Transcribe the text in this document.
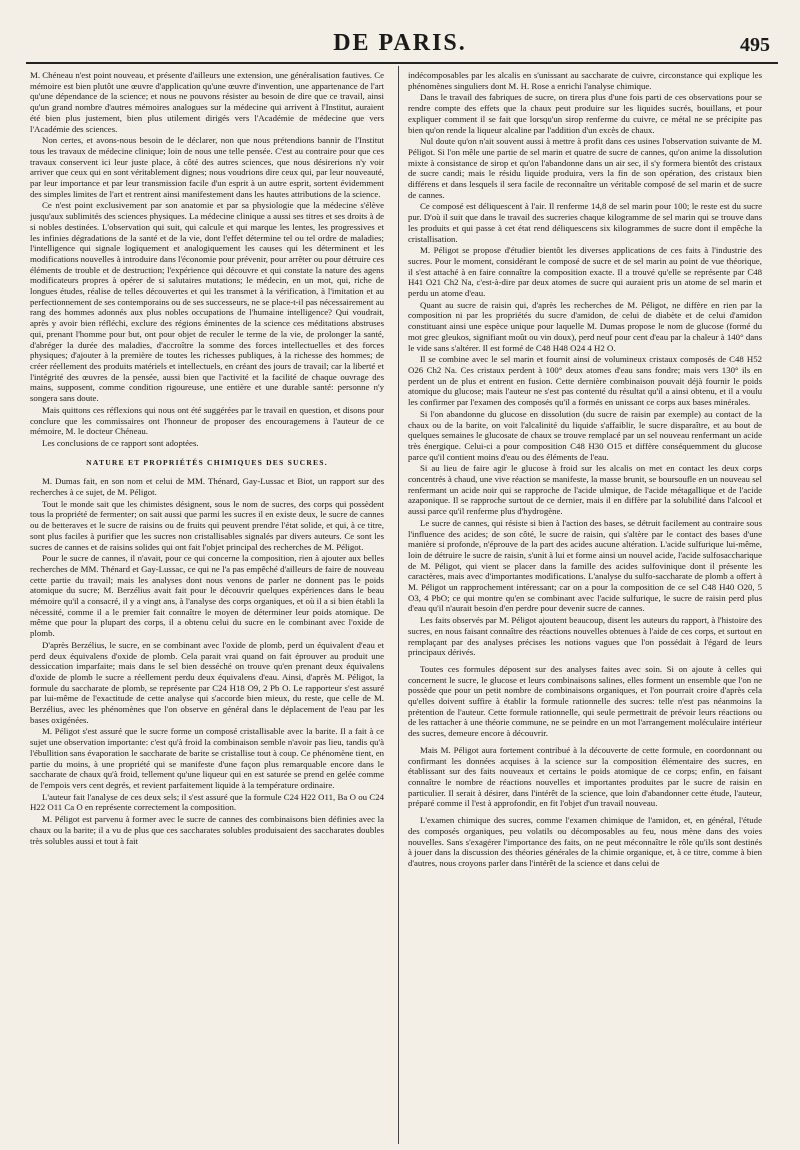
DE PARIS.	495

M. Chéneau n'est point nouveau, et présente d'ailleurs une extension, une généralisation fautives. Ce mémoire est bien plutôt une œuvre d'application qu'une œuvre d'invention, une appartenance de l'art qu'une dépendance de la science; et nous ne pouvons résister au besoin de dire que ce travail, ainsi qu'un grand nombre d'autres mémoires analogues sur la médecine qui arrivent à l'Institut, auraient été bien plus justement, bien plus utilement dirigés vers l'Académie de médecine que vers l'Académie des sciences.

Non certes, et avons-nous besoin de le déclarer, non que nous prétendions bannir de l'Institut tous les travaux de médecine clinique; loin de nous une telle pensée. C'est au contraire pour que ces travaux conservent ici leur juste place, à côté des autres sciences, que nous désirerions n'y voir arriver que ceux qui en sont véritablement dignes; nous voudrions dire ceux qui, par leur nouveauté, par leur importance et par leur transmission facile d'un esprit à un autre esprit, sortent évidemment des simples limites de l'art et rentrent ainsi manifestement dans les hautes attributions de la science.

Ce n'est point exclusivement par son anatomie et par sa physiologie que la médecine s'élève jusqu'aux sublimités des sciences physiques. La médecine clinique a aussi ses titres et ses droits à de si nobles destinées. L'observation qui suit, qui calcule et qui marque les lentes, les progressives et les infinies dégradations de la santé et de la vie, dont l'effet détermine tel ou tel ordre de maladies; l'intelligence qui signale logiquement et analogiquement les causes qui les déterminent et les modifications nouvelles à introduire dans l'économie pour prévenir, pour arrêter ou pour détruire ces éléments de trouble et de destruction; l'expérience qui découvre et qui constate la nature des agens modificateurs propres à opérer de si salutaires mutations; le médecin, en un mot, qui, riche de longues études, réalise de telles découvertes et qui les transmet à la vérification, à l'imitation et au perfectionnement de ses contemporains ou de ses successeurs, ne se place-t-il pas nécessairement au rang des hommes adonnés aux plus nobles occupations de l'humaine intelligence? Qui voudrait, après y avoir bien réfléchi, exclure des régions éminentes de la science ces méditations abstruses qui, prenant l'homme pour but, ont pour objet de reculer le terme de la vie, de prolonger la santé, d'abréger la durée des maladies, d'accroître la somme des forces intellectuelles et des forces physiques; d'ajouter à la première de toutes les richesses publiques, à la richesse des hommes; de créer réellement des produits matériels et intellectuels, en créant des jours de travail; car la liberté et l'intégrité des œuvres de la pensée, aussi bien que l'activité et la facilité de chaque ouvrage des mains, supposent, comme condition rigoureuse, une entière et une durable santé: personne n'y songera sans doute.

Mais quittons ces réflexions qui nous ont été suggérées par le travail en question, et disons pour conclure que les commissaires ont l'honneur de proposer des encouragemens à l'auteur de ce mémoire, M. le docteur Chéneau.

Les conclusions de ce rapport sont adoptées.

NATURE ET PROPRIÉTÉS CHIMIQUES DES SUCRES.

M. Dumas fait, en son nom et celui de MM. Thénard, Gay-Lussac et Biot, un rapport sur des recherches à ce sujet, de M. Péligot.

Tout le monde sait que les chimistes désignent, sous le nom de sucres, des corps qui possèdent tous la propriété de fermenter; on sait aussi que parmi les sucres il en existe deux, le sucre de cannes ou de betteraves et le sucre de raisins ou de fruits qui peuvent prendre l'état solide, et qui, à ce titre, sont plus faciles à purifier que les sucres non cristallisables signalés par divers auteurs. Ce sont les sucres de cannes et de raisins solides qui ont fait l'objet principal des recherches de M. Péligot.

Pour le sucre de cannes, il n'avait, pour ce qui concerne la composition, rien à ajouter aux belles recherches de MM. Thénard et Gay-Lussac, ce qui ne l'a pas empêché d'ailleurs de faire de nouveau cette partie du travail; mais les analyses dont nous venons de parler ne donnent pas le poids atomique du sucre; M. Berzélius avait fait pour le découvrir quelques expériences dans le beau mémoire qu'il a consacré, il y a vingt ans, à l'analyse des corps organiques, et où il a si bien établi la nécessité, comme il a le premier fait connaître le moyen de déterminer leur poids atomique. De même que pour la plupart des corps, il a obtenu celui du sucre en le combinant avec l'oxide de plomb.

D'après Berzélius, le sucre, en se combinant avec l'oxide de plomb, perd un équivalent d'eau et perd deux équivalens d'oxide de plomb. Cela parait vrai quand on fait éprouver au produit une dessiccation imparfaite; mais dans le sel bien desséché on trouve qu'en prenant deux équivalens d'oxide de plomb le sucre a réellement perdu deux équivalens d'eau. Ainsi, d'après M. Péligot, la formule du saccharate de plomb, se représente par C24 H18 O9, 2 Pb O. Le rapporteur s'est assuré par lui-même de l'exactitude de cette analyse qui s'accorde bien mieux, du reste, que celle de M. Berzélius, avec les phénomènes que l'on observe en général dans le déplacement de l'eau par les bases oxigénées.

M. Péligot s'est assuré que le sucre forme un composé cristallisable avec la barite. Il a fait à ce sujet une observation importante: c'est qu'à froid la combinaison semble n'avoir pas lieu, tandis qu'à l'ébullition sans évaporation le saccharate de barite se cristallise tout à coup. Ce phénomène tient, en partie du moins, à une propriété qui se manifeste d'une façon plus remarquable encore dans le saccharate de chaux qu'à froid, tellement qu'une liqueur qui en est saturée se prend en gelée comme de l'empois vers cent degrés, et revient parfaitement liquide à la température ordinaire.

L'auteur fait l'analyse de ces deux sels; il s'est assuré que la formule C24 H22 O11, Ba O ou C24 H22 O11 Ca O en représente correctement la composition.

M. Péligot est parvenu à former avec le sucre de cannes des combinaisons bien définies avec la chaux ou la barite; il a vu de plus que ces saccharates solubles produisaient des saccharates doubles très solubles aussi et tout à fait

indécomposables par les alcalis en s'unissant au saccharate de cuivre, circonstance qui explique les phénomènes singuliers dont M. H. Rose a enrichi l'analyse chimique.

Dans le travail des fabriques de sucre, on tirera plus d'une fois parti de ces observations pour se rendre compte des effets que la chaux peut produire sur les liquides sucrés, bouillans, et pour expliquer comment il se fait que lorsqu'un sirop renferme du cuivre, ce métal ne se précipite pas bien qu'on rende la liqueur alcaline par l'addition d'un excès de chaux.

Nul doute qu'on n'ait souvent aussi à mettre à profit dans ces usines l'observation suivante de M. Péligot. Si l'on mêle une partie de sel marin et quatre de sucre de cannes, qu'on anime la dissolution mixte à consistance de sirop et qu'on l'abandonne dans un air sec, il s'y formera bientôt des cristaux de sucre candi; mais le résidu liquide produira, vers la fin de son opération, des cristaux bien différens et dans lesquels il sera facile de reconnaître un véritable composé de sel marin et de sucre de cannes.

Ce composé est déliquescent à l'air. Il renferme 14,8 de sel marin pour 100; le reste est du sucre pur. D'où il suit que dans le travail des sucreries chaque kilogramme de sel marin qui se trouve dans les produits et qui passe à cet état rend déliquescens six kilogrammes de sucre dont il empêche la cristallisation.

M. Péligot se propose d'étudier bientôt les diverses applications de ces faits à l'industrie des sucres. Pour le moment, considérant le composé de sucre et de sel marin au point de vue théorique, il s'est attaché à en faire connaître la composition exacte. Il a trouvé qu'elle se représente par C48 H41 O21 Ch2 Na, c'est-à-dire par deux atomes de sucre qui auraient pris un atome de sel marin et perdu un atome d'eau.

Quant au sucre de raisin qui, d'après les recherches de M. Péligot, ne diffère en rien par la composition ni par les propriétés du sucre d'amidon, de celui de diabète et de celui d'amidon constituant ainsi une espèce unique pour laquelle M. Dumas propose le nom de glucose (formé du mot grec gleukos, signifiant moût ou vin doux), perd neuf pour cent d'eau par la chaleur à 140° dans le vide sans s'altérer. Il est formé de C48 H48 O24 4 H2 O.

Il se combine avec le sel marin et fournit ainsi de volumineux cristaux composés de C48 H52 O26 Ch2 Na. Ces cristaux perdent à 100° deux atomes d'eau sans fondre; mais vers 130° ils en perdent un de plus et entrent en fusion. Cette dernière combinaison pouvait déjà fournir le poids atomique du glucose; mais l'auteur ne s'est pas contenté du résultat qu'il a ainsi obtenu, et il a voulu les confirmer par l'examen des composés qu'il a formés en unissant ce corps aux bases minérales.

Si l'on abandonne du glucose en dissolution (du sucre de raisin par exemple) au contact de la chaux ou de la barite, on voit l'alcalinité du liquide s'affaiblir, le sucre disparaître, et au bout de quelques semaines le glucosate de chaux se trouve remplacé par un sel nouveau renfermant un acide très énergique. Celui-ci a pour composition C48 H30 O15 et diffère conséquemment du glucose parce qu'il contient moins d'eau ou des éléments de l'eau.

Si au lieu de faire agir le glucose à froid sur les alcalis on met en contact les deux corps concentrés à chaud, une vive réaction se manifeste, la masse brunit, se boursoufle en un nouveau sel renfermant un acide noir qui se rapproche de l'acide ulmique, de l'acide métagallique et de l'acide azaponique. Il se rapproche surtout de ce dernier, mais il en diffère par la solubilité dans l'alcool et aussi parce qu'il renferme plus d'hydrogène.

Le sucre de cannes, qui résiste si bien à l'action des bases, se détruit facilement au contraire sous l'influence des acides; de son côté, le sucre de raisin, qui s'altère par le contact des bases d'une manière si profonde, n'éprouve de la part des acides aucune altération. L'acide sulfurique lui-même, loin de détruire le sucre de raisin, s'unit à lui et forme ainsi un nouvel acide, l'acide sulfosaccharique de M. Péligot, qui vient se placer dans la famille des acides sulfovinique dont il présente les caractères, mais avec d'importantes modifications. L'analyse du sulfo-saccharate de plomb a offert à M. Péligot un rapprochement intéressant; car on a pour la composition de ce sel C48 H40 O20, 5 O3, 4 PbO; ce qui montre qu'en se combinant avec l'acide sulfurique, le sucre de raisin perd plus d'eau qu'il n'aurait besoin d'en perdre pour devenir sucre de cannes.

Les faits observés par M. Péligot ajoutent beaucoup, disent les auteurs du rapport, à l'histoire des sucres, en nous faisant connaître des réactions nouvelles obtenues à l'aide de ces corps, et surtout en remplaçant par des analyses précises les notions vagues que l'on possédait à l'égard de leurs principaux dérivés.

Toutes ces formules déposent sur des analyses faites avec soin. Si on ajoute à celles qui concernent le sucre, le glucose et leurs combinaisons salines, elles forment un ensemble que l'on ne possède que pour un petit nombre de combinaisons organiques, et l'on pourrait croire d'après cela qu'elles doivent suffire à établir la formule rationnelle des sucres: telle n'est pas néanmoins la prétention de l'auteur. Cette formule rationnelle, qui seule permettrait de prévoir leurs réactions ou de les rattacher à une théorie commune, ne se peindre en un mot l'arrangement moléculaire intérieur des sucres, demeure encore à découvrir.

Mais M. Péligot aura fortement contribué à la découverte de cette formule, en coordonnant ou confirmant les données acquises à la science sur la composition élémentaire des sucres, en établissant sur des faits nouveaux et certains le poids atomique de ce corps; enfin, en faisant connaître le nombre de réactions nouvelles et importantes produites par le sucre de raisin en particulier. Il serait à désirer, dans l'intérêt de la science, que loin d'abandonner cette étude, l'auteur, préparé comme il l'est à approfondir, en fit l'objet d'un travail nouveau.

L'examen chimique des sucres, comme l'examen chimique de l'amidon, et, en général, l'étude des composés organiques, peu volatils ou décomposables au feu, nous mène dans des voies nouvelles. Sans s'exagérer l'importance des faits, on ne peut méconnaître le rôle qu'ils sont destinés à jouer dans la discussion des théories générales de la chimie organique, et, à ce titre, comme à bien d'autres, nous croyons parler dans l'intérêt de la science et dans celui de
